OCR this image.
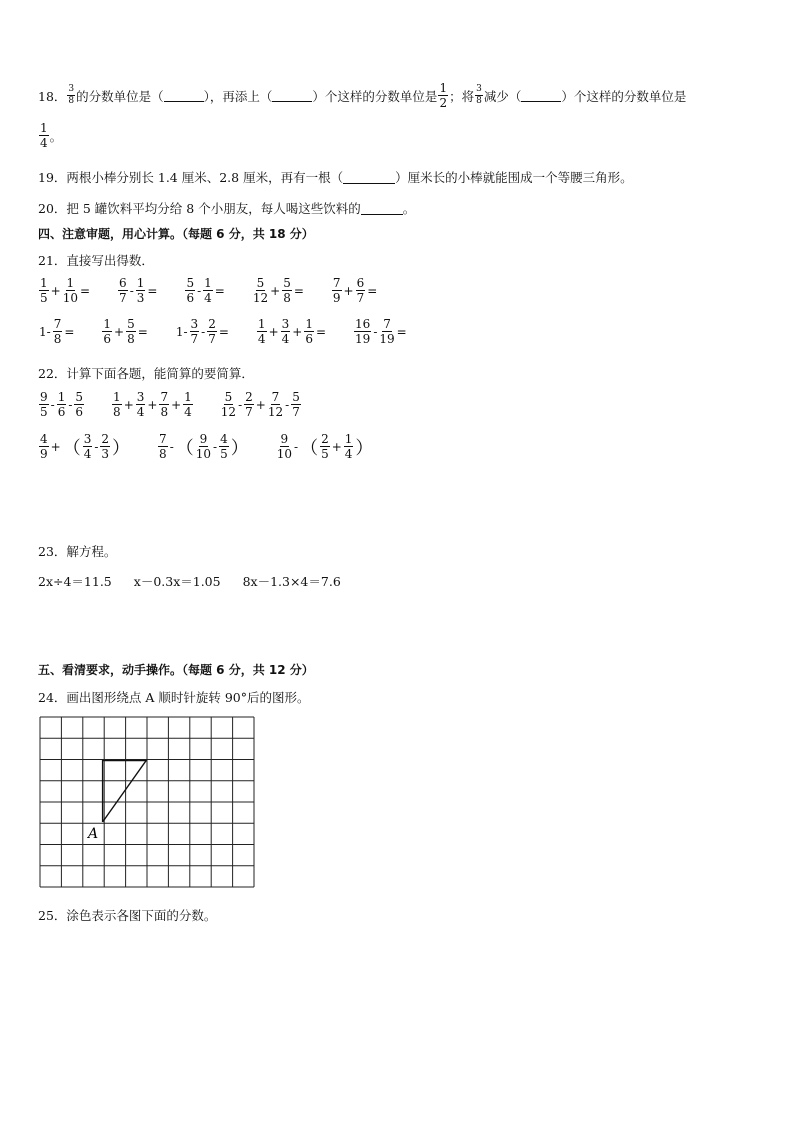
18． $\frac{3}{8}$ 的分数单位是（	），再添上（	）个这样的分数单位是 $\frac{1}{2}$ ；将 $\frac{3}{8}$ 减少（	）个这样的分数单位是
$\frac{1}{4}$ 。
19．两根小棒分别长 1.4 厘米、2.8 厘米，再有一根（	）厘米长的小棒就能围成一个等腰三角形。
20．把 5 罐饮料平均分给 8 个小朋友，每人喝这些饮料的	。
四、注意审题，用心计算。（每题 6 分，共 18 分）
21．直接写出得数．
$\frac{1}{5} + \frac{1}{10} = \frac{6}{7} - \frac{1}{3} = \frac{5}{6} - \frac{1}{4} = \frac{5}{12} + \frac{5}{8} = \frac{7}{9} + \frac{6}{7}$ =
$1- \frac{7}{8} = \frac{1}{6} + \frac{5}{8} = 1- \frac{3}{7} - \frac{2}{7} = \frac{1}{4} + \frac{3}{4} + \frac{1}{6} = \frac{16}{19} - \frac{7}{19}$ =
22．计算下面各题，能简算的要简算．
$\frac{9}{5} - \frac{1}{6} - \frac{5}{6} \frac{1}{8} + \frac{3}{4} + \frac{7}{8} + \frac{1}{4} \frac{5}{12} - \frac{2}{7} + \frac{7}{12} - \frac{5}{7}$
$\frac{4}{9}$ + （ $\frac{3}{4} - \frac{2}{3}$ ） $\frac{7}{8}$ - （ $\frac{9}{10} - \frac{4}{5}$ ） $\frac{9}{10}$ - （ $\frac{2}{5} + \frac{1}{4}$ ）
23．解方程。
2x÷4＝11.5 x－0.3x＝1.05 8x－1.3×4＝7.6
五、看清要求，动手操作。（每题 6 分，共 12 分）
24．画出图形绕点 A 顺时针旋转 90°后的图形。
A
25．涂色表示各图下面的分数。
